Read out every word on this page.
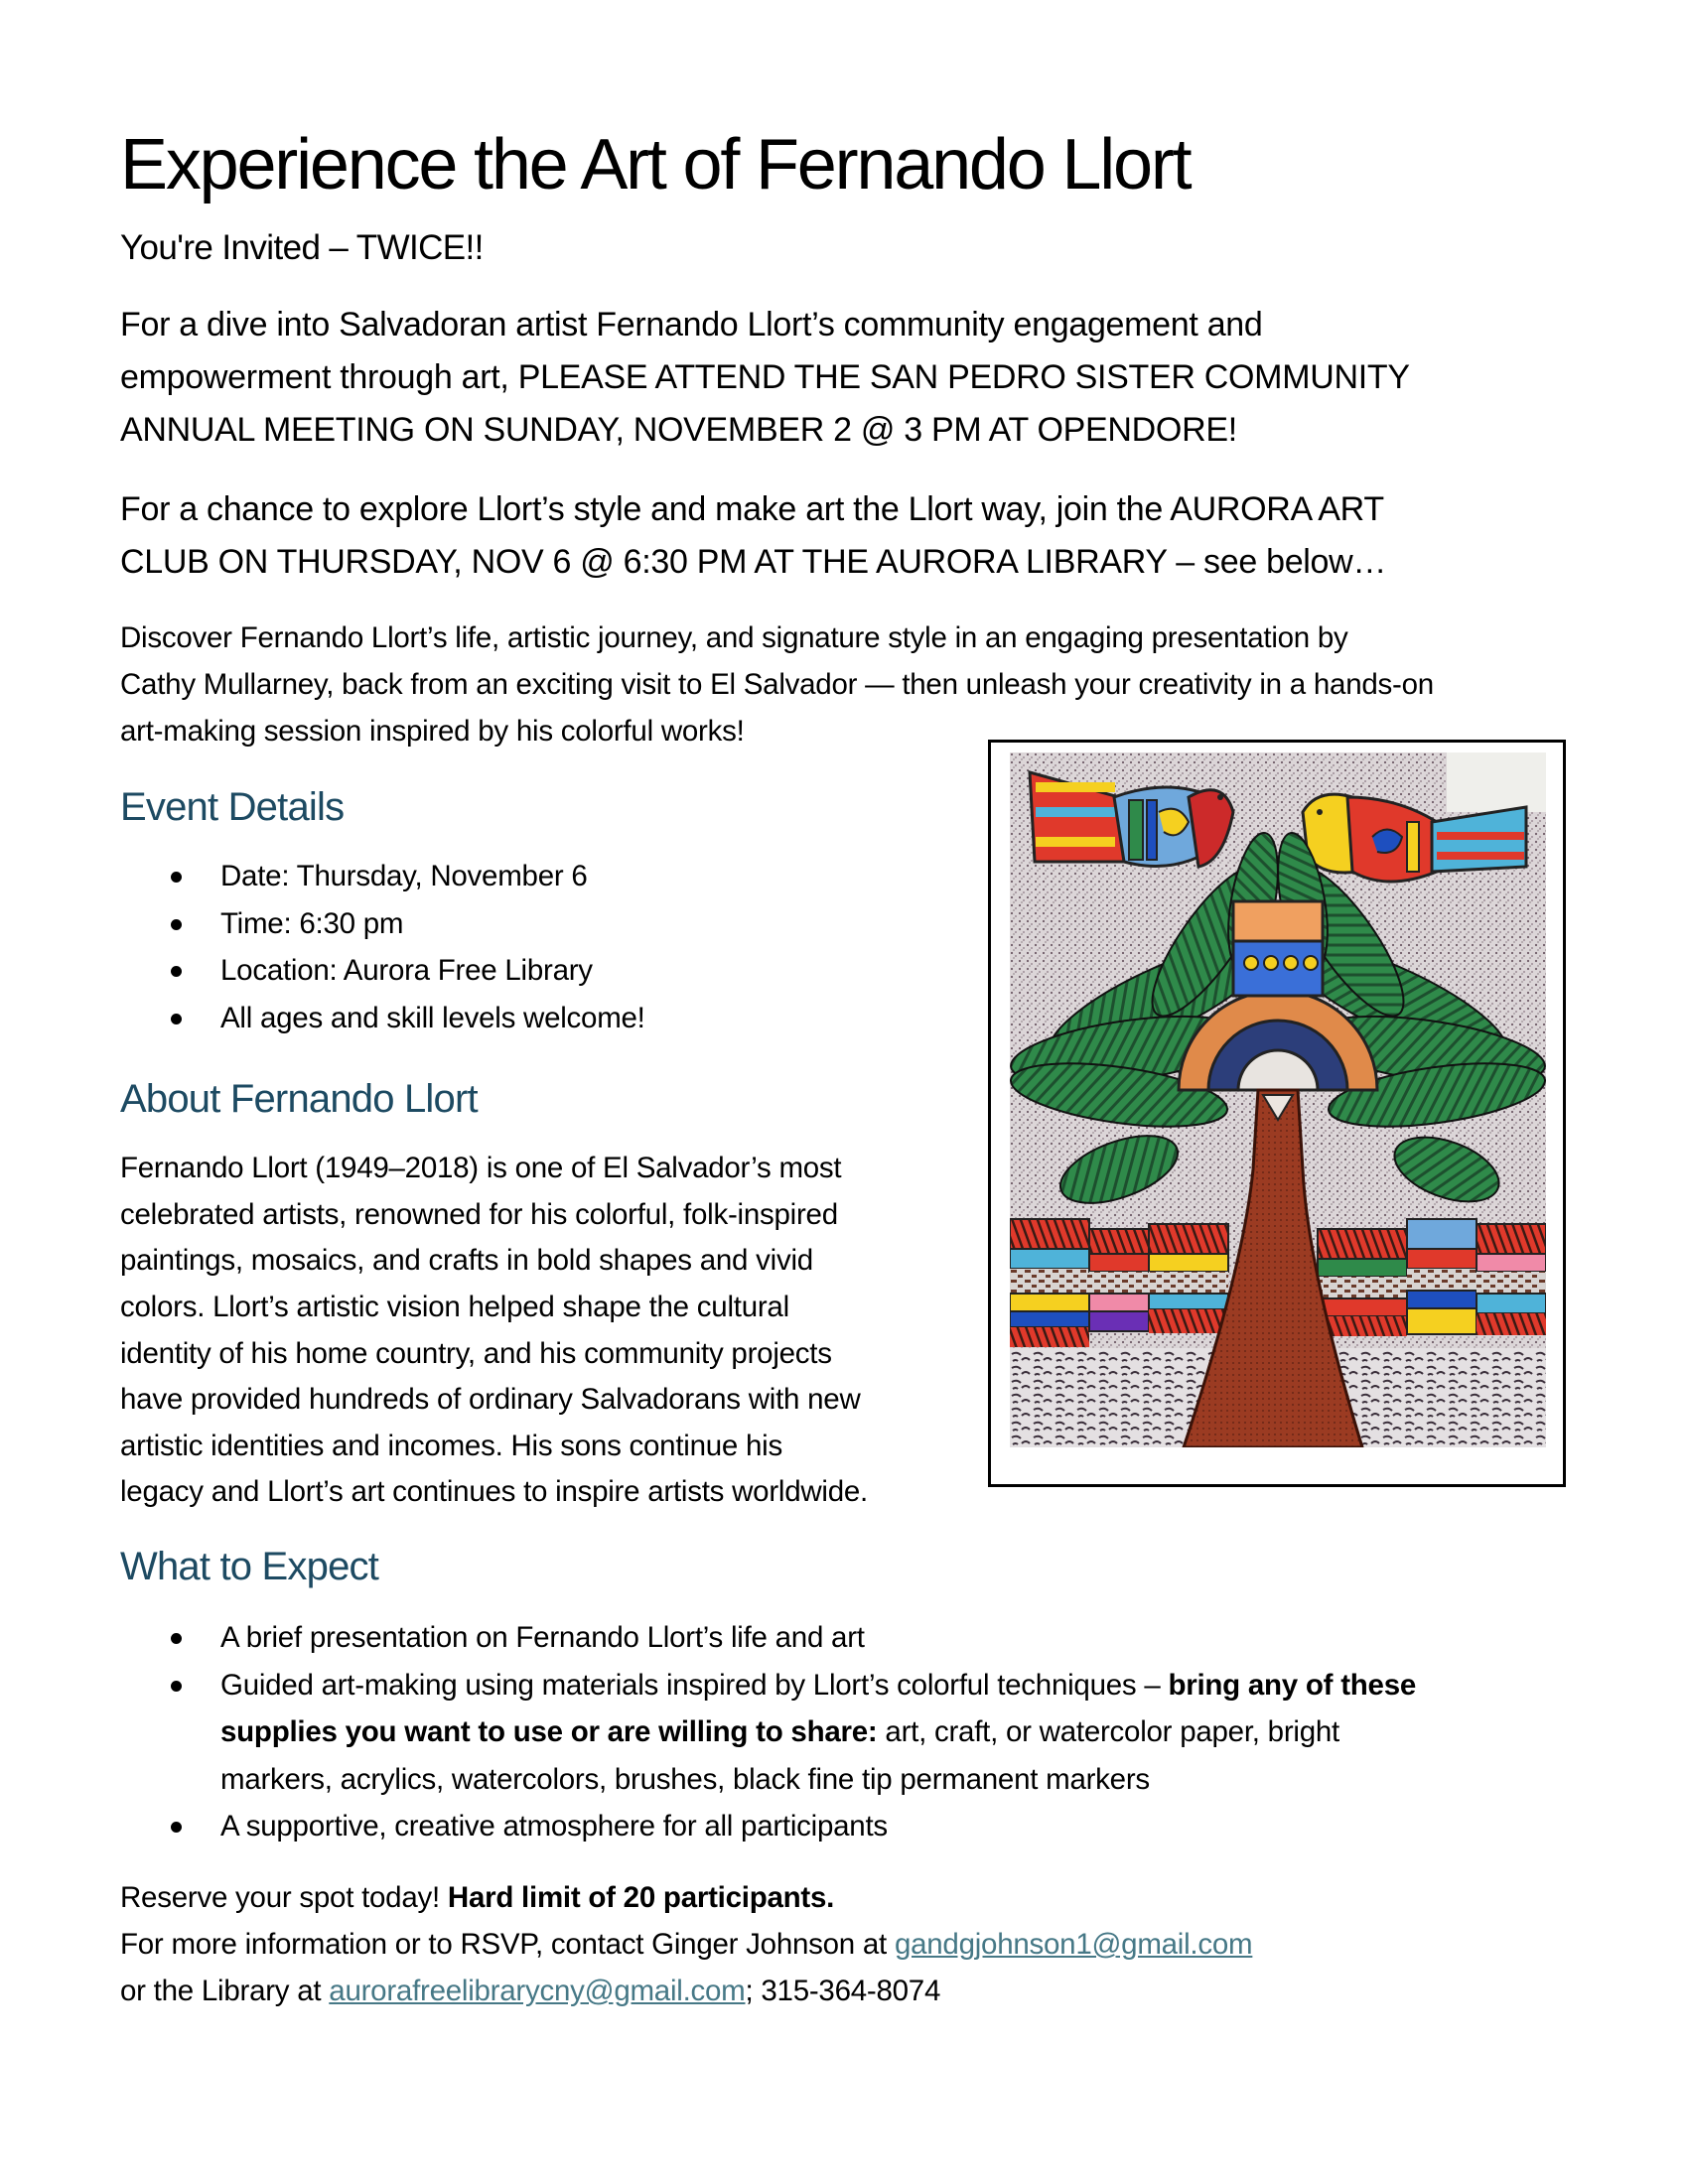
Experience the Art of Fernando Llort
You're Invited – TWICE!!
For a dive into Salvadoran artist Fernando Llort’s community engagement and
empowerment through art, PLEASE ATTEND THE SAN PEDRO SISTER COMMUNITY
ANNUAL MEETING ON SUNDAY, NOVEMBER 2 @ 3 PM AT OPENDORE!
For a chance to explore Llort’s style and make art the Llort way, join the AURORA ART
CLUB ON THURSDAY, NOV 6 @ 6:30 PM AT THE AURORA LIBRARY – see below…
Discover Fernando Llort’s life, artistic journey, and signature style in an engaging presentation by
Cathy Mullarney, back from an exciting visit to El Salvador — then unleash your creativity in a hands-on
art-making session inspired by his colorful works!
Event Details
Date: Thursday, November 6
Time: 6:30 pm
Location: Aurora Free Library
All ages and skill levels welcome!
About Fernando Llort
Fernando Llort (1949–2018) is one of El Salvador’s most
celebrated artists, renowned for his colorful, folk-inspired
paintings, mosaics, and crafts in bold shapes and vivid
colors. Llort’s artistic vision helped shape the cultural
identity of his home country, and his community projects
have provided hundreds of ordinary Salvadorans with new
artistic identities and incomes. His sons continue his
legacy and Llort’s art continues to inspire artists worldwide.
What to Expect
A brief presentation on Fernando Llort’s life and art
Guided art-making using materials inspired by Llort’s colorful techniques – bring any of these
supplies you want to use or are willing to share: art, craft, or watercolor paper, bright
markers, acrylics, watercolors, brushes, black fine tip permanent markers
A supportive, creative atmosphere for all participants
Reserve your spot today! Hard limit of 20 participants.
For more information or to RSVP, contact Ginger Johnson at gandgjohnson1@gmail.com
or the Library at aurorafreelibrarycny@gmail.com; 315-364-8074
